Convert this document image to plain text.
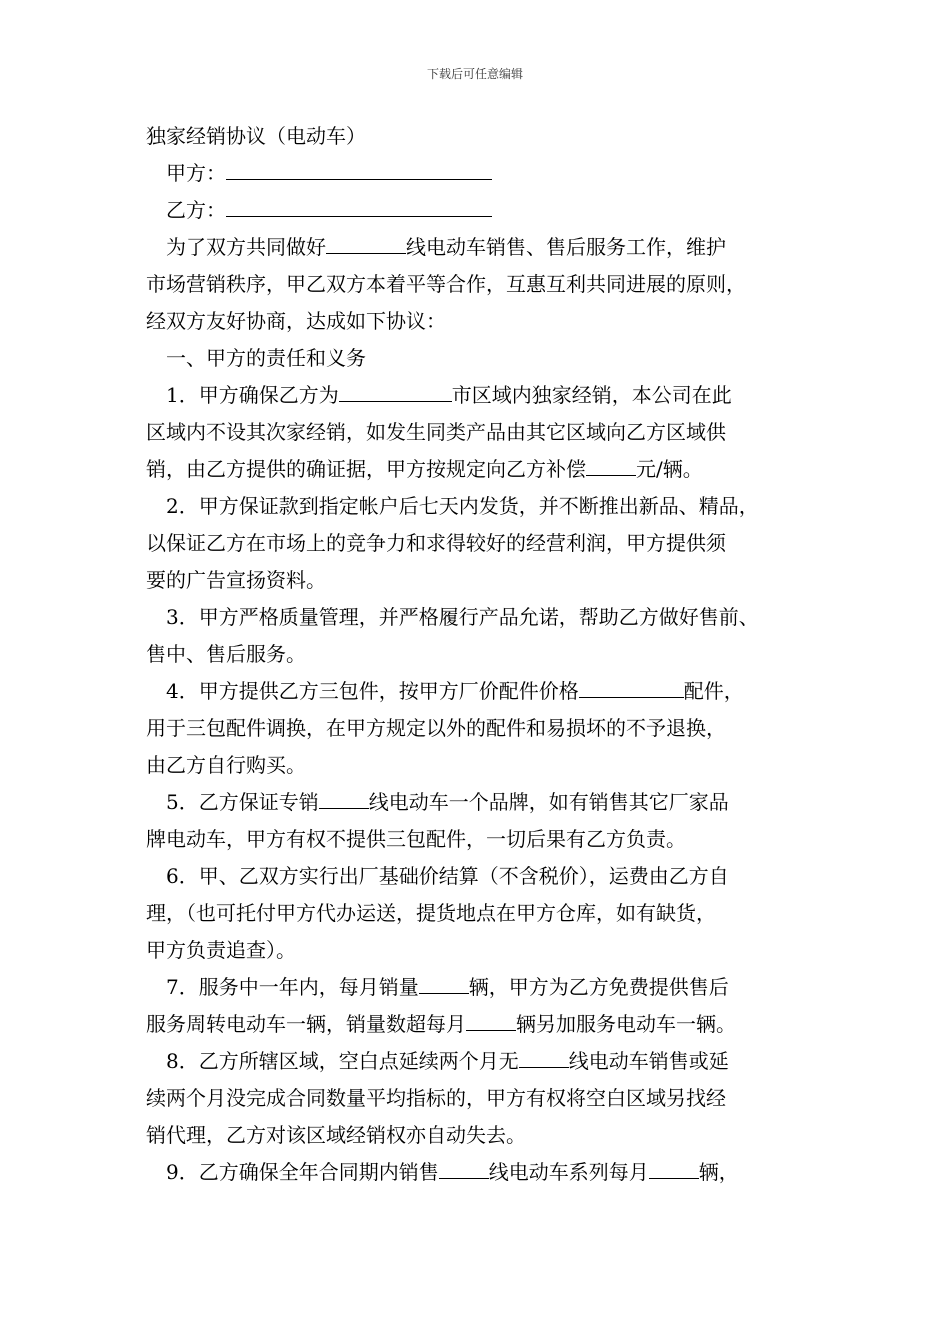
下载后可任意编辑
独家经销协议（电动车）
甲方：
乙方：
为了双方共同做好	线电动车销售、售后服务工作，维护
市场营销秩序，甲乙双方本着平等合作，互惠互利共同进展的原则，
经双方友好协商，达成如下协议：
一、甲方的责任和义务
1．甲方确保乙方为	市区域内独家经销，本公司在此
区域内不设其次家经销，如发生同类产品由其它区域向乙方区域供
销，由乙方提供的确证据，甲方按规定向乙方补偿	元/辆。
2．甲方保证款到指定帐户后七天内发货，并不断推出新品、精品，
以保证乙方在市场上的竞争力和求得较好的经营利润，甲方提供须
要的广告宣扬资料。
3．甲方严格质量管理，并严格履行产品允诺，帮助乙方做好售前、
售中、售后服务。
4．甲方提供乙方三包件，按甲方厂价配件价格	配件，
用于三包配件调换，在甲方规定以外的配件和易损坏的不予退换，
由乙方自行购买。
5．乙方保证专销	线电动车一个品牌，如有销售其它厂家品
牌电动车，甲方有权不提供三包配件，一切后果有乙方负责。
6．甲、乙双方实行出厂基础价结算（不含税价），运费由乙方自
理，（也可托付甲方代办运送，提货地点在甲方仓库，如有缺货，
甲方负责追查）。
7．服务中一年内，每月销量	辆，甲方为乙方免费提供售后
服务周转电动车一辆，销量数超每月	辆另加服务电动车一辆。
8．乙方所辖区域，空白点延续两个月无	线电动车销售或延
续两个月没完成合同数量平均指标的，甲方有权将空白区域另找经
销代理，乙方对该区域经销权亦自动失去。
9．乙方确保全年合同期内销售	线电动车系列每月	辆，
